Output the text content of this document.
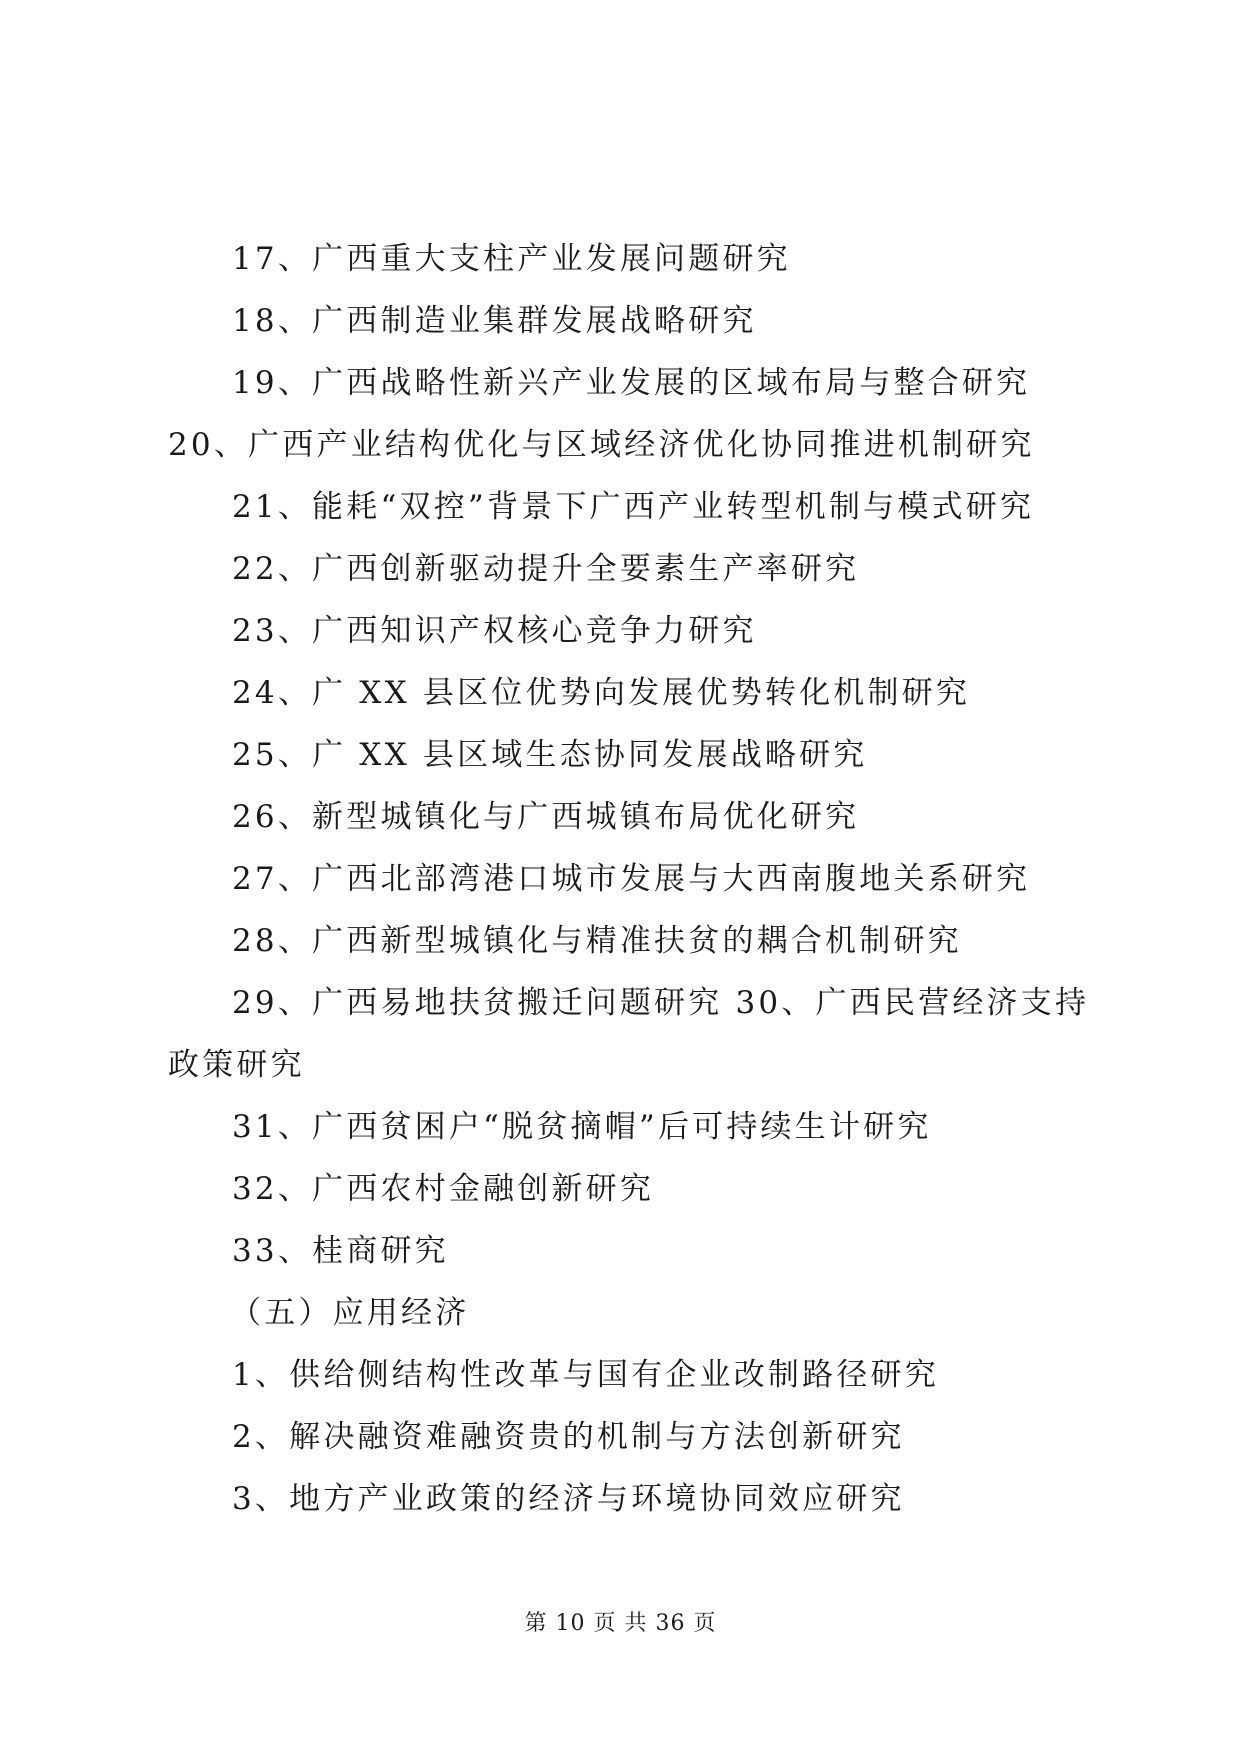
17、广西重大支柱产业发展问题研究

18、广西制造业集群发展战略研究

19、广西战略性新兴产业发展的区域布局与整合研究 20、广西产业结构优化与区域经济优化协同推进机制研究

21、能耗“双控”背景下广西产业转型机制与模式研究

22、广西创新驱动提升全要素生产率研究

23、广西知识产权核心竞争力研究

24、广 XX 县区位优势向发展优势转化机制研究

25、广 XX 县区域生态协同发展战略研究

26、新型城镇化与广西城镇布局优化研究

27、广西北部湾港口城市发展与大西南腹地关系研究

28、广西新型城镇化与精准扶贫的耦合机制研究

29、广西易地扶贫搬迁问题研究 30、广西民营经济支持政策研究

31、广西贫困户“脱贫摘帽”后可持续生计研究

32、广西农村金融创新研究

33、桂商研究

（五）应用经济

1、供给侧结构性改革与国有企业改制路径研究

2、解决融资难融资贵的机制与方法创新研究

3、地方产业政策的经济与环境协同效应研究

第 10 页 共 36 页
